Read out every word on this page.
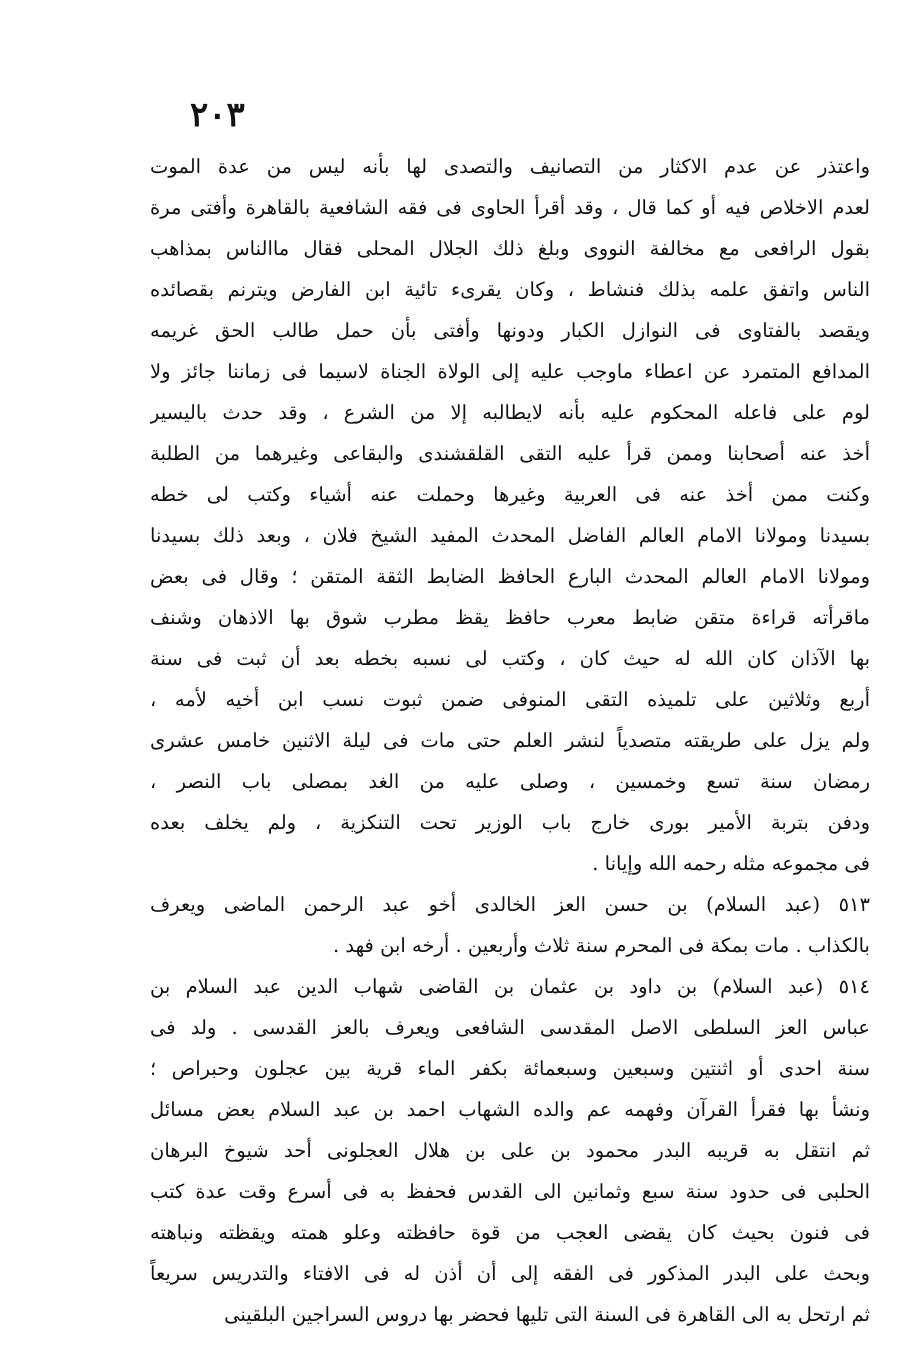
٢٠٣
واعتذر عن عدم الاكثار من التصانيف والتصدى لها بأنه ليس من عدة الموت
لعدم الاخلاص فيه أو كما قال ، وقد أقرأ الحاوى فى فقه الشافعية بالقاهرة وأفتى مرة
بقول الرافعى مع مخالفة النووى وبلغ ذلك الجلال المحلى فقال ماالناس بمذاهب
الناس واتفق علمه بذلك فنشاط ، وكان يقرىء تائية ابن الفارض ويترنم بقصائده
ويقصد بالفتاوى فى النوازل الكبار ودونها وأفتى بأن حمل طالب الحق غريمه
المدافع المتمرد عن اعطاء ماوجب عليه إلى الولاة الجناة لاسيما فى زماننا جائز ولا
لوم على فاعله المحكوم عليه بأنه لايطالبه إلا من الشرع ، وقد حدث باليسير
أخذ عنه أصحابنا وممن قرأ عليه التقى القلقشندى والبقاعى وغيرهما من الطلبة
وكنت ممن أخذ عنه فى العربية وغيرها وحملت عنه أشياء وكتب لى خطه
بسيدنا ومولانا الامام العالم الفاضل المحدث المفيد الشيخ فلان ، وبعد ذلك بسيدنا
ومولانا الامام العالم المحدث البارع الحافظ الضابط الثقة المتقن ؛ وقال فى بعض
ماقرأته قراءة متقن ضابط معرب حافظ يقظ مطرب شوق بها الاذهان وشنف
بها الآذان كان الله له حيث كان ، وكتب لى نسبه بخطه بعد أن ثبت فى سنة
أربع وثلاثين على تلميذه التقى المنوفى ضمن ثبوت نسب ابن أخيه لأمه ،
ولم يزل على طريقته متصدياً لنشر العلم حتى مات فى ليلة الاثنين خامس عشرى
رمضان سنة تسع وخمسين ، وصلى عليه من الغد بمصلى باب النصر ،
ودفن بتربة الأمير بورى خارج باب الوزير تحت التنكزية ، ولم يخلف بعده
فى مجموعه مثله رحمه الله وإيانا .
٥١٣ (عبد السلام) بن حسن العز الخالدى أخو عبد الرحمن الماضى ويعرف
بالكذاب . مات بمكة فى المحرم سنة ثلاث وأربعين . أرخه ابن فهد .
٥١٤ (عبد السلام) بن داود بن عثمان بن القاضى شهاب الدين عبد السلام بن
عباس العز السلطى الاصل المقدسى الشافعى ويعرف بالعز القدسى . ولد فى
سنة احدى أو اثنتين وسبعين وسبعمائة بكفر الماء قرية بين عجلون وحبراص ؛
ونشأ بها فقرأ القرآن وفهمه عم والده الشهاب احمد بن عبد السلام بعض مسائل
ثم انتقل به قريبه البدر محمود بن على بن هلال العجلونى أحد شيوخ البرهان
الحلبى فى حدود سنة سبع وثمانين الى القدس فحفظ به فى أسرع وقت عدة كتب
فى فنون بحيث كان يقضى العجب من قوة حافظته وعلو همته ويقظته ونباهته
وبحث على البدر المذكور فى الفقه إلى أن أذن له فى الافتاء والتدريس سريعاً
ثم ارتحل به الى القاهرة فى السنة التى تليها فحضر بها دروس السراجين البلقينى
